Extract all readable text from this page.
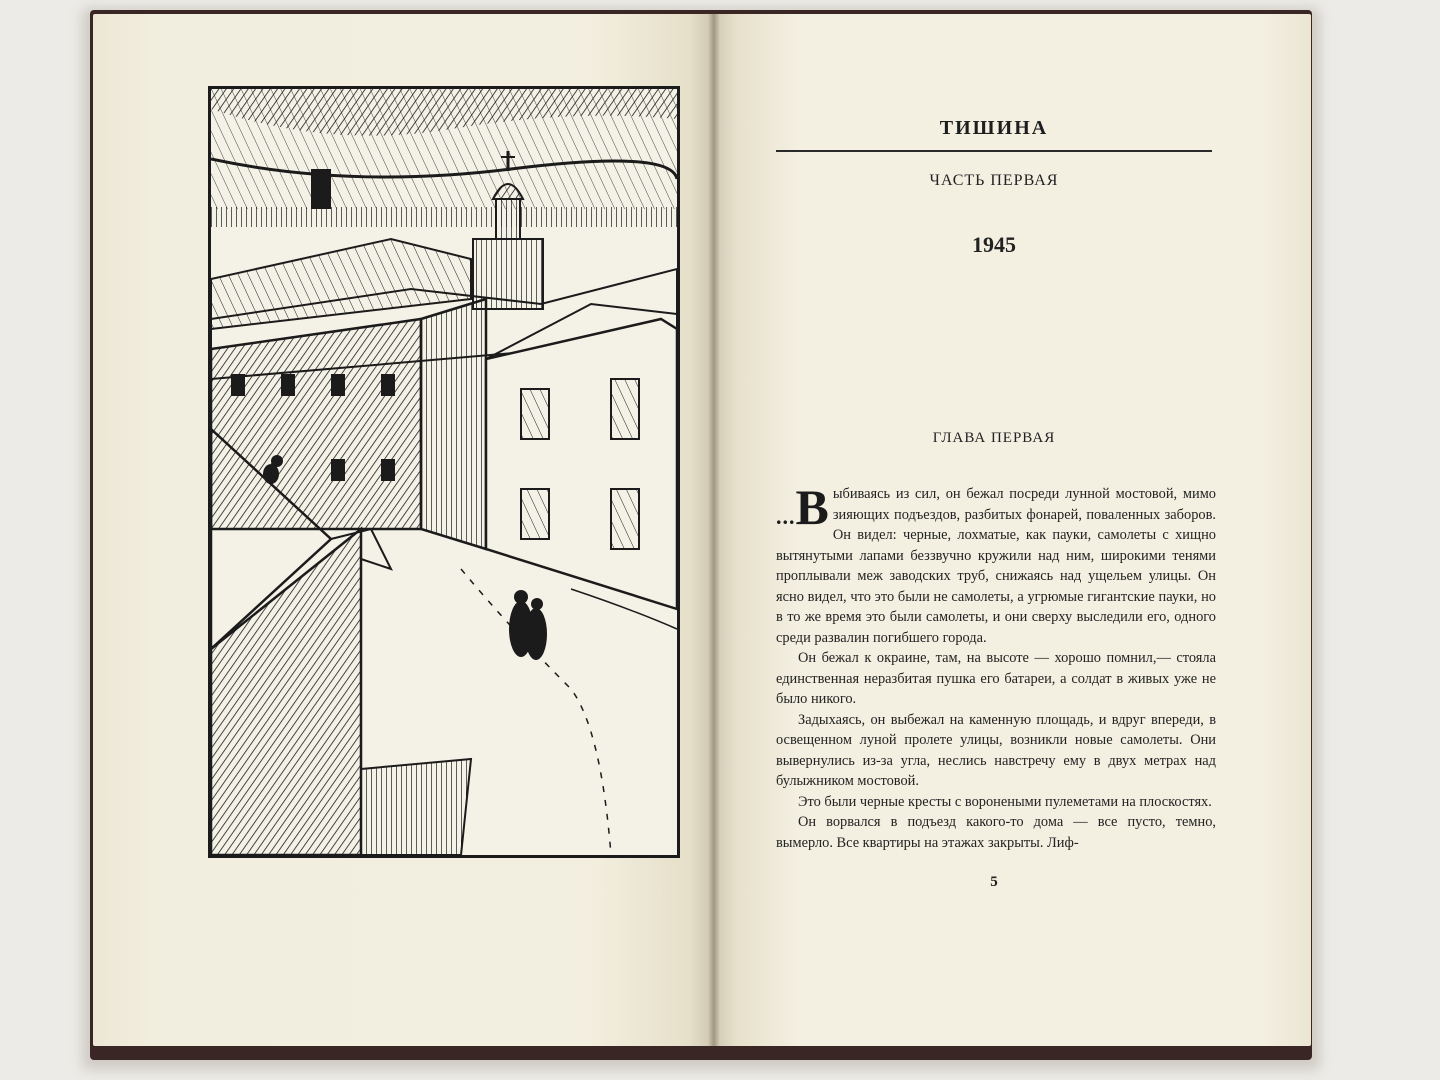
ТИШИНА
ЧАСТЬ ПЕРВАЯ
1945
ГЛАВА ПЕРВАЯ

...В ыбиваясь из сил, он бежал посреди лунной мостовой, мимо зияющих подъездов, разбитых фонарей, поваленных заборов. Он видел: черные, лохматые, как пауки, самолеты с хищно вытянутыми лапами беззвучно кружили над ним, широкими тенями проплывали меж заводских труб, снижаясь над ущельем улицы. Он ясно видел, что это были не самолеты, а угрюмые гигантские пауки, но в то же время это были самолеты, и они сверху выследили его, одного среди развалин погибшего города.

Он бежал к окраине, там, на высоте — хорошо помнил,— стояла единственная неразбитая пушка его батареи, а солдат в живых уже не было никого.

Задыхаясь, он выбежал на каменную площадь, и вдруг впереди, в освещенном луной пролете улицы, возникли новые самолеты. Они вывернулись из-за угла, неслись навстречу ему в двух метрах над булыжником мостовой.

Это были черные кресты с воронеными пулеметами на плоскостях.

Он ворвался в подъезд какого-то дома — все пусто, темно, вымерло. Все квартиры на этажах закрыты. Лиф-

5
